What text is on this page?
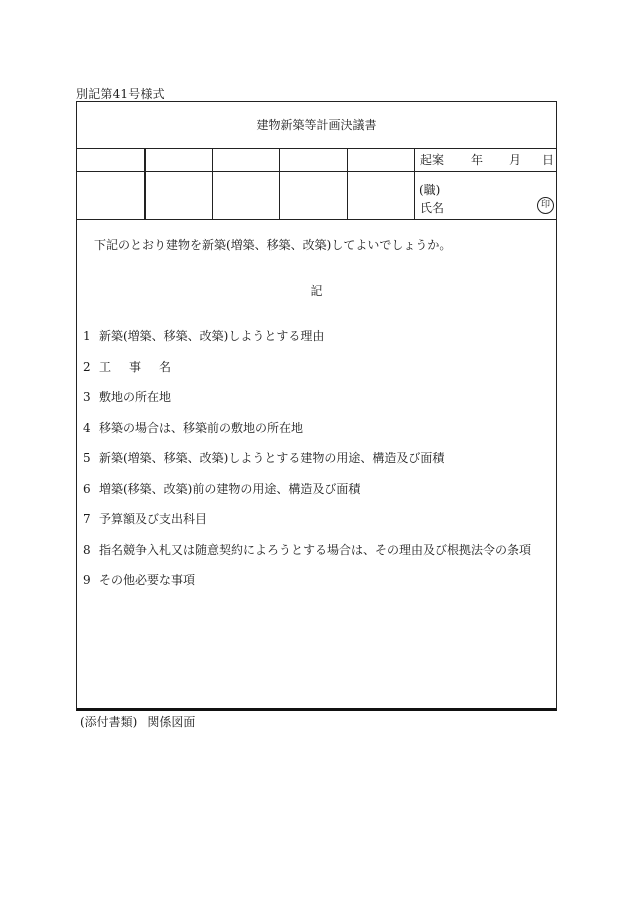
別記第41号様式
建物新築等計画決議書
起案 年 月 日
(職)
氏名	印
下記のとおり建物を新築(増築、移築、改築)してよいでしょうか。
記
1 新築(増築、移築、改築)しようとする理由
2 工事名
3 敷地の所在地
4 移築の場合は、移築前の敷地の所在地
5 新築(増築、移築、改築)しようとする建物の用途、構造及び面積
6 増築(移築、改築)前の建物の用途、構造及び面積
7 予算額及び支出科目
8 指名競争入札又は随意契約によろうとする場合は、その理由及び根拠法令の条項
9 その他必要な事項
(添付書類) 関係図面
